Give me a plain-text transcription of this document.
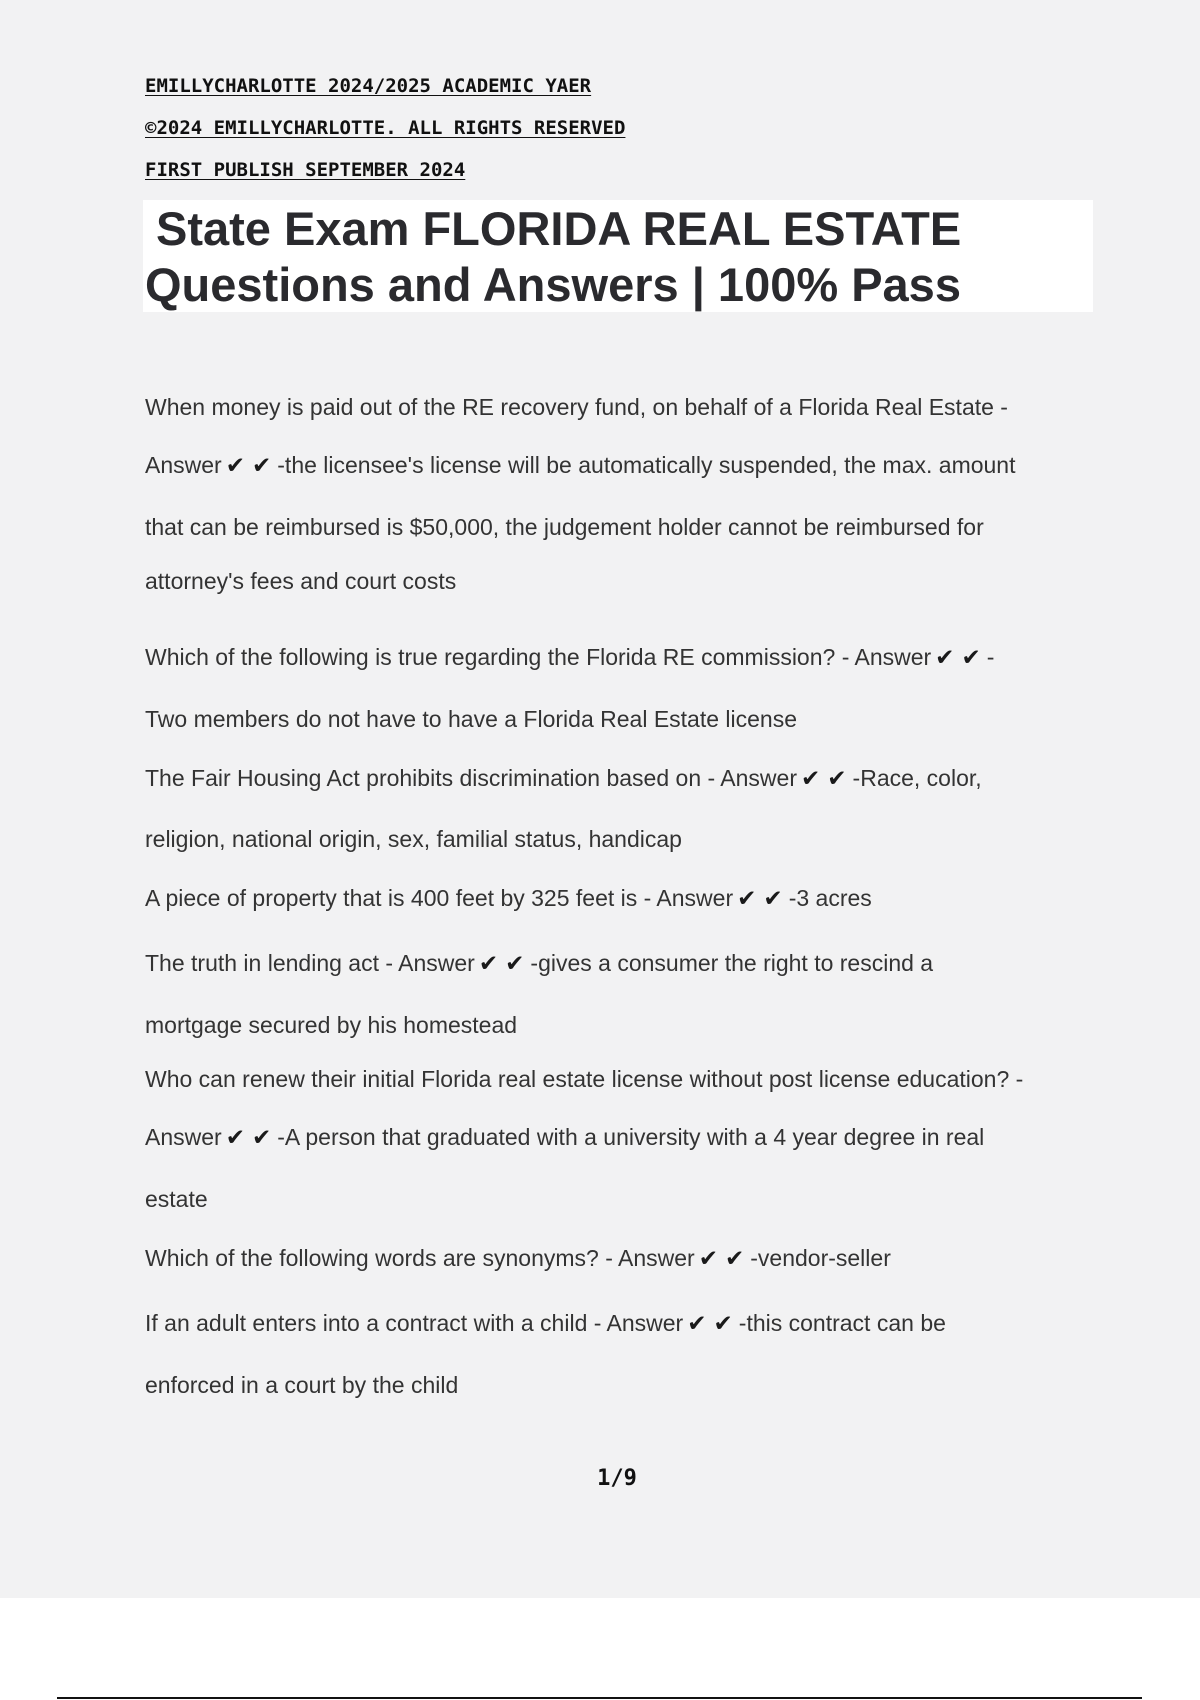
EMILLYCHARLOTTE 2024/2025 ACADEMIC YAER
©2024 EMILLYCHARLOTTE. ALL RIGHTS RESERVED
FIRST PUBLISH SEPTEMBER 2024
State Exam FLORIDA REAL ESTATE
Questions and Answers | 100% Pass
When money is paid out of the RE recovery fund, on behalf of a Florida Real Estate -
Answer ✔ ✔ -the licensee's license will be automatically suspended, the max. amount
that can be reimbursed is $50,000, the judgement holder cannot be reimbursed for
attorney's fees and court costs
Which of the following is true regarding the Florida RE commission? - Answer ✔ ✔ -
Two members do not have to have a Florida Real Estate license
The Fair Housing Act prohibits discrimination based on - Answer ✔ ✔ -Race, color,
religion, national origin, sex, familial status, handicap
A piece of property that is 400 feet by 325 feet is - Answer ✔ ✔ -3 acres
The truth in lending act - Answer ✔ ✔ -gives a consumer the right to rescind a
mortgage secured by his homestead
Who can renew their initial Florida real estate license without post license education? -
Answer ✔ ✔ -A person that graduated with a university with a 4 year degree in real
estate
Which of the following words are synonyms? - Answer ✔ ✔ -vendor-seller
If an adult enters into a contract with a child - Answer ✔ ✔ -this contract can be
enforced in a court by the child
1/9
